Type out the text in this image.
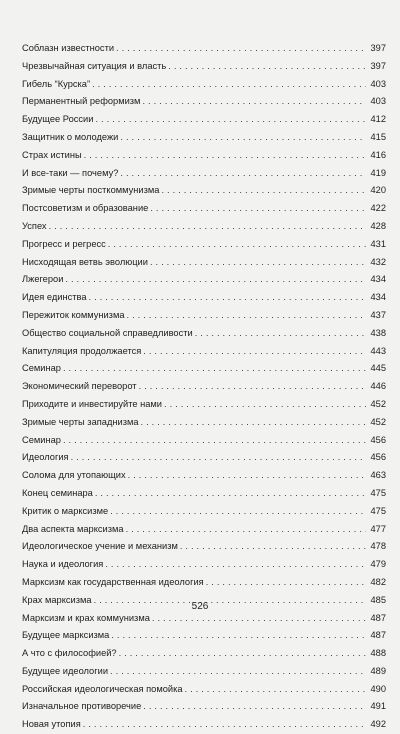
Соблазн известности . . .	397
Чрезвычайная ситуация и власть . . .	397
Гибель “Курска” . . .	403
Перманентный реформизм . . .	403
Будущее России . . .	412
Защитник о молодежи . . .	415
Страх истины . . .	416
И все-таки — почему? . . .	419
Зримые черты посткоммунизма . . .	420
Постсоветизм и образование . . .	422
Успех . . .	428
Прогресс и регресс . . .	431
Нисходящая ветвь эволюции . . .	432
Лжегерои . . .	434
Идея единства . . .	434
Пережиток коммунизма . . .	437
Общество социальной справедливости . . .	438
Капитуляция продолжается . . .	443
Семинар . . .	445
Экономический переворот . . .	446
Приходите и инвестируйте нами . . .	452
Зримые черты западнизма . . .	452
Семинар . . .	456
Идеология . . .	456
Солома для утопающих . . .	463
Конец семинара . . .	475
Критик о марксизме . . .	475
Два аспекта марксизма . . .	477
Идеологическое учение и механизм . . .	478
Наука и идеология . . .	479
Марксизм как государственная идеология . . .	482
Крах марксизма . . .	485
Марксизм и крах коммунизма . . .	487
Будущее марксизма . . .	487
А что с философией? . . .	488
Будущее идеологии . . .	489
Российская идеологическая помойка . . .	490
Изначальное противоречие . . .	491
Новая утопия . . .	492
526
